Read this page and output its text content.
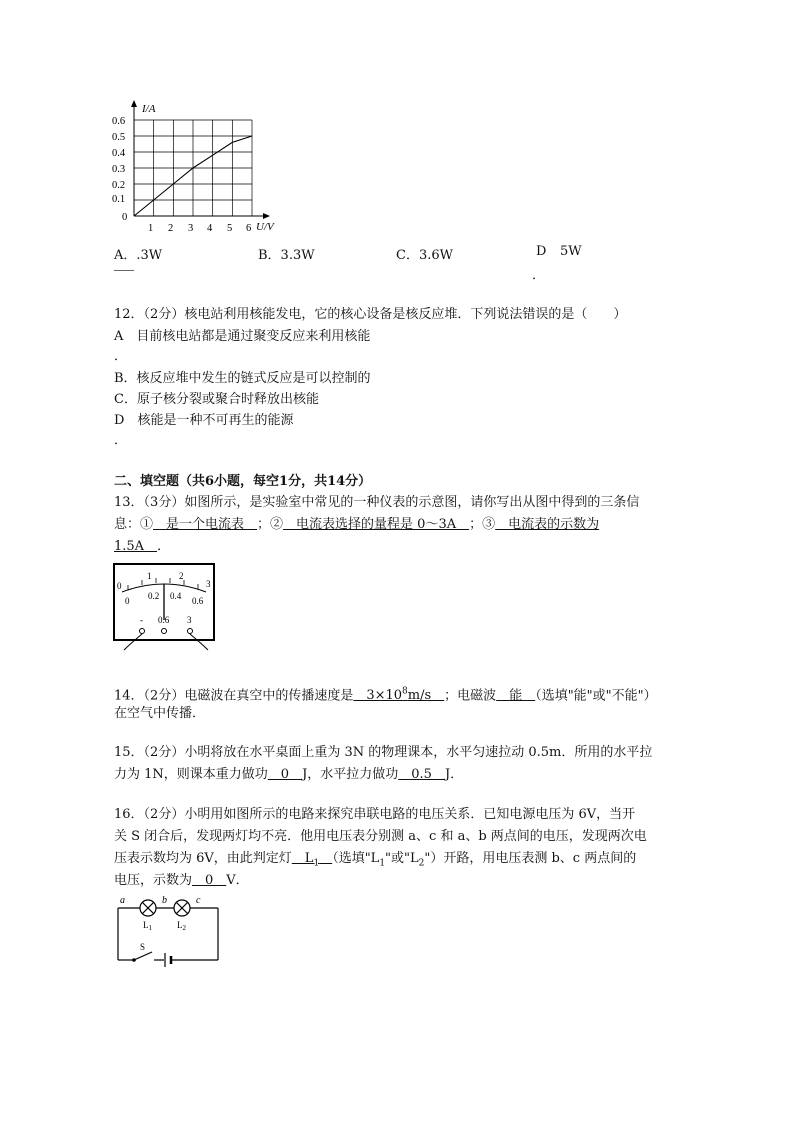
I/A
U/V
0.6
0.5
0.4
0.3
0.2
0.1
0
1 2 3 4 5 6
A．.3W	B．3.3W	C．3.6W	D 5W
．
12．（2分）核电站利用核能发电，它的核心设备是核反应堆．下列说法错误的是（　　）
A　 目前核电站都是通过聚变反应来利用核能
．
B．核反应堆中发生的链式反应是可以控制的
C．原子核分裂或聚合时释放出核能
D　 核能是一种不可再生的能源
．
二、填空题（共6小题，每空1分，共14分）
13．（3分）如图所示，是实验室中常见的一种仪表的示意图，请你写出从图中得到的三条信
息：①　是一个电流表　；②　电流表选择的量程是 0～3A　；③　电流表的示数为
1.5A　．
0
1	2
3
0 0.2 0.4 0.6
- 0.6 3
14．（2分）电磁波在真空中的传播速度是　$3\times 10^8m/s$　；电磁波　能　（选填"能"或"不能"）
在空气中传播．
15．（2分）小明将放在水平桌面上重为 3N 的物理课本，水平匀速拉动 0.5m．所用的水平拉
力为 1N，则课本重力做功　0　J，水平拉力做功　0.5　J．
16．（2分）小明用如图所示的电路来探究串联电路的电压关系．已知电源电压为 6V，当开
关 S 闭合后，发现两灯均不亮．他用电压表分别测 a、c 和 a、b 两点间的电压，发现两次电
压表示数均为 6V，由此判定灯　$L_1$　 （选填"$L_1$"或"$L_2$"）开路，用电压表测 b、c 两点间的
电压，示数为　0　V．
a	b	c
$L_1$	$L_2$
S
